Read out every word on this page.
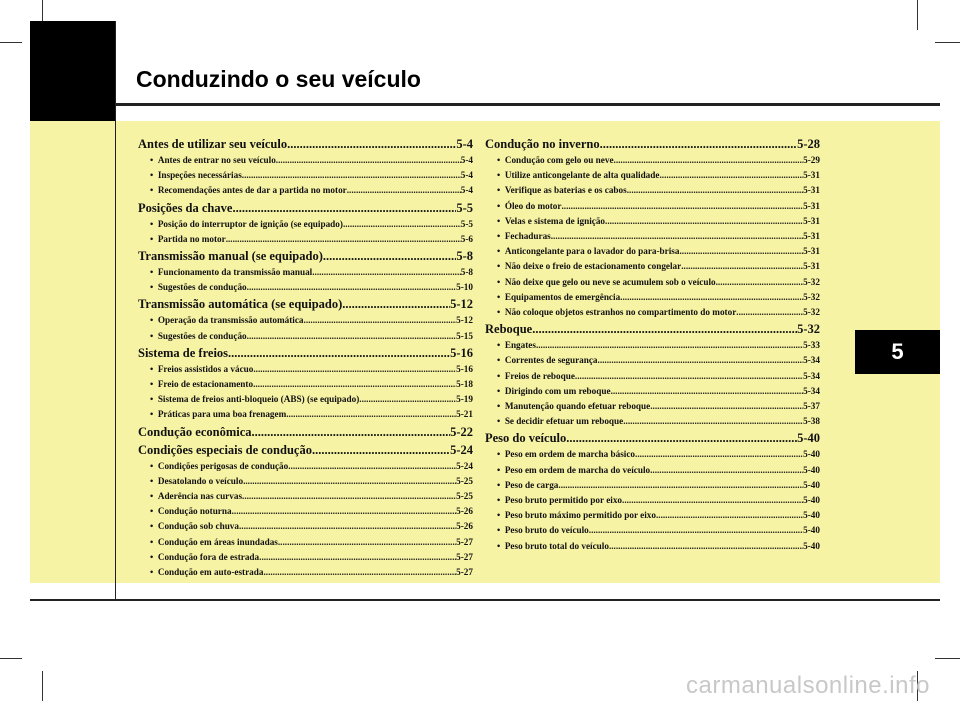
Conduzindo o seu veículo
5
Antes de utilizar seu veículo .....	5-4
•  Antes de entrar no seu veículo .....	5-4
•  Inspeções necessárias .....	5-4
•  Recomendações antes de dar a partida no motor .....	5-4
Posições da chave .....	5-5
•  Posição do interruptor de ignição (se equipado) .....	5-5
•  Partida no motor .....	5-6
Transmissão manual (se equipado) .....	5-8
•  Funcionamento da transmissão manual .....	5-8
•  Sugestões de condução .....	5-10
Transmissão automática (se equipado) .....	5-12
•  Operação da transmissão automática .....	5-12
•  Sugestões de condução .....	5-15
Sistema de freios .....	5-16
•  Freios assistidos a vácuo .....	5-16
•  Freio de estacionamento .....	5-18
•  Sistema de freios anti-bloqueio (ABS) (se equipado) .....	5-19
•  Práticas para uma boa frenagem .....	5-21
Condução econômica .....	5-22
Condições especiais de condução .....	5-24
•  Condições perigosas de condução .....	5-24
•  Desatolando o veículo .....	5-25
•  Aderência nas curvas .....	5-25
•  Condução noturna .....	5-26
•  Condução sob chuva .....	5-26
•  Condução em áreas inundadas .....	5-27
•  Condução fora de estrada .....	5-27
•  Condução em auto-estrada .....	5-27
Condução no inverno .....	5-28
•  Condução com gelo ou neve .....	5-29
•  Utilize anticongelante de alta qualidade .....	5-31
•  Verifique as baterias e os cabos .....	5-31
•  Óleo do motor .....	5-31
•  Velas e sistema de ignição .....	5-31
•  Fechaduras .....	5-31
•  Anticongelante para o lavador do para-brisa .....	5-31
•  Não deixe o freio de estacionamento congelar .....	5-31
•  Não deixe que gelo ou neve se acumulem sob o veículo .....	5-32
•  Equipamentos de emergência .....	5-32
•  Não coloque objetos estranhos no compartimento do motor .....	5-32
Reboque .....	5-32
•  Engates .....	5-33
•  Correntes de segurança .....	5-34
•  Freios de reboque .....	5-34
•  Dirigindo com um reboque .....	5-34
•  Manutenção quando efetuar reboque .....	5-37
•  Se decidir efetuar um reboque .....	5-38
Peso do veículo .....	5-40
•  Peso em ordem de marcha básico .....	5-40
•  Peso em ordem de marcha do veículo .....	5-40
•  Peso de carga .....	5-40
•  Peso bruto permitido por eixo .....	5-40
•  Peso bruto máximo permitido por eixo .....	5-40
•  Peso bruto do veículo .....	5-40
•  Peso bruto total do veículo .....	5-40
carmanualsonline.info
